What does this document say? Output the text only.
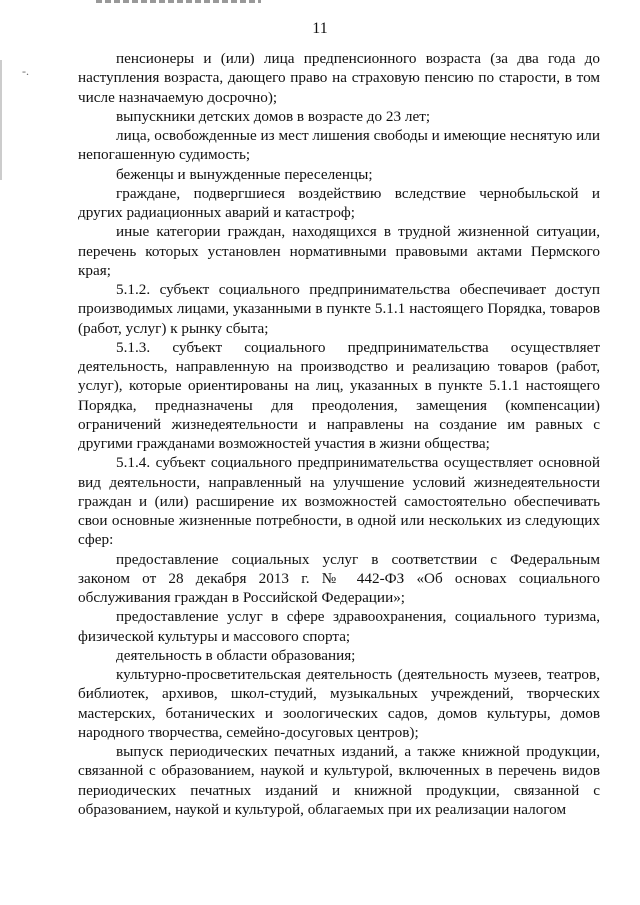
-.
11

пенсионеры и (или) лица предпенсионного возраста (за два года до наступления возраста, дающего право на страховую пенсию по старости, в том числе назначаемую досрочно);

выпускники детских домов в возрасте до 23 лет;

лица, освобожденные из мест лишения свободы и имеющие неснятую или непогашенную судимость;

беженцы и вынужденные переселенцы;

граждане, подвергшиеся воздействию вследствие чернобыльской и других радиационных аварий и катастроф;

иные категории граждан, находящихся в трудной жизненной ситуации, перечень которых установлен нормативными правовыми актами Пермского края;

5.1.2. субъект социального предпринимательства обеспечивает доступ производимых лицами, указанными в пункте 5.1.1 настоящего Порядка, товаров (работ, услуг) к рынку сбыта;

5.1.3. субъект социального предпринимательства осуществляет деятельность, направленную на производство и реализацию товаров (работ, услуг), которые ориентированы на лиц, указанных в пункте 5.1.1 настоящего Порядка, предназначены для преодоления, замещения (компенсации) ограничений жизнедеятельности и направлены на создание им равных с другими гражданами возможностей участия в жизни общества;

5.1.4. субъект социального предпринимательства осуществляет основной вид деятельности, направленный на улучшение условий жизнедеятельности граждан и (или) расширение их возможностей самостоятельно обеспечивать свои основные жизненные потребности, в одной или нескольких из следующих сфер:

предоставление социальных услуг в соответствии с Федеральным законом от 28 декабря 2013 г. № 442-ФЗ «Об основах социального обслуживания граждан в Российской Федерации»;

предоставление услуг в сфере здравоохранения, социального туризма, физической культуры и массового спорта;

деятельность в области образования;

культурно-просветительская деятельность (деятельность музеев, театров, библиотек, архивов, школ-студий, музыкальных учреждений, творческих мастерских, ботанических и зоологических садов, домов культуры, домов народного творчества, семейно-досуговых центров);

выпуск периодических печатных изданий, а также книжной продукции, связанной с образованием, наукой и культурой, включенных в перечень видов периодических печатных изданий и книжной продукции, связанной с образованием, наукой и культурой, облагаемых при их реализации налогом
